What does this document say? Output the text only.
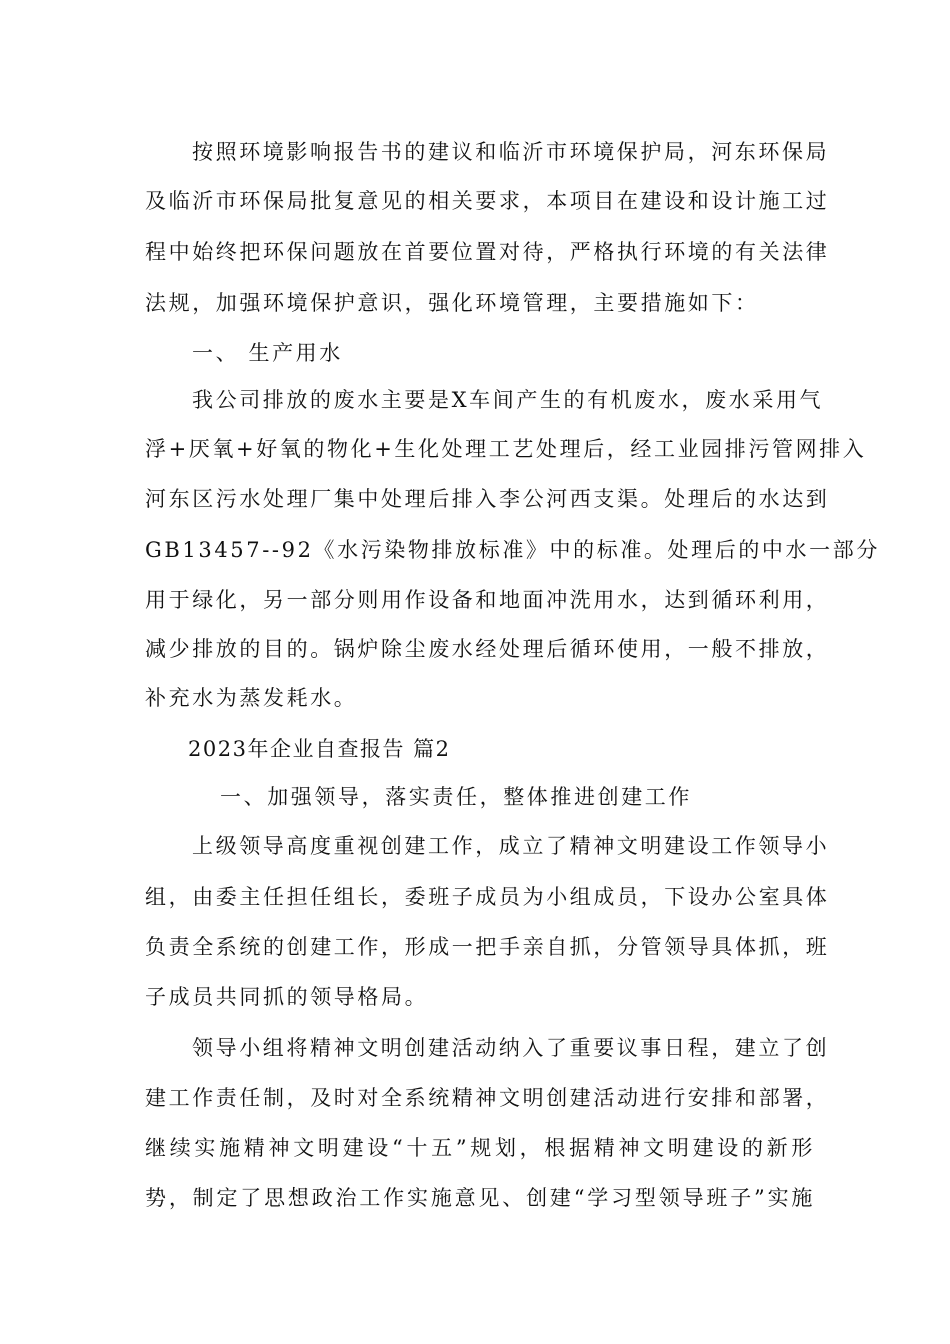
按照环境影响报告书的建议和临沂市环境保护局，河东环保局
及临沂市环保局批复意见的相关要求，本项目在建设和设计施工过
程中始终把环保问题放在首要位置对待，严格执行环境的有关法律
法规，加强环境保护意识，强化环境管理，主要措施如下：
一、 生产用水
我公司排放的废水主要是X车间产生的有机废水，废水采用气
浮+厌氧+好氧的物化+生化处理工艺处理后，经工业园排污管网排入
河东区污水处理厂集中处理后排入李公河西支渠。处理后的水达到
GB13457--92《水污染物排放标准》中的标准。处理后的中水一部分
用于绿化，另一部分则用作设备和地面冲洗用水，达到循环利用，
减少排放的目的。锅炉除尘废水经处理后循环使用，一般不排放，
补充水为蒸发耗水。
2023年企业自查报告 篇2
一、加强领导，落实责任，整体推进创建工作
上级领导高度重视创建工作，成立了精神文明建设工作领导小
组，由委主任担任组长，委班子成员为小组成员，下设办公室具体
负责全系统的创建工作，形成一把手亲自抓，分管领导具体抓，班
子成员共同抓的领导格局。
领导小组将精神文明创建活动纳入了重要议事日程，建立了创
建工作责任制，及时对全系统精神文明创建活动进行安排和部署，
继续实施精神文明建设“十五”规划，根据精神文明建设的新形
势，制定了思想政治工作实施意见、创建“学习型领导班子”实施
